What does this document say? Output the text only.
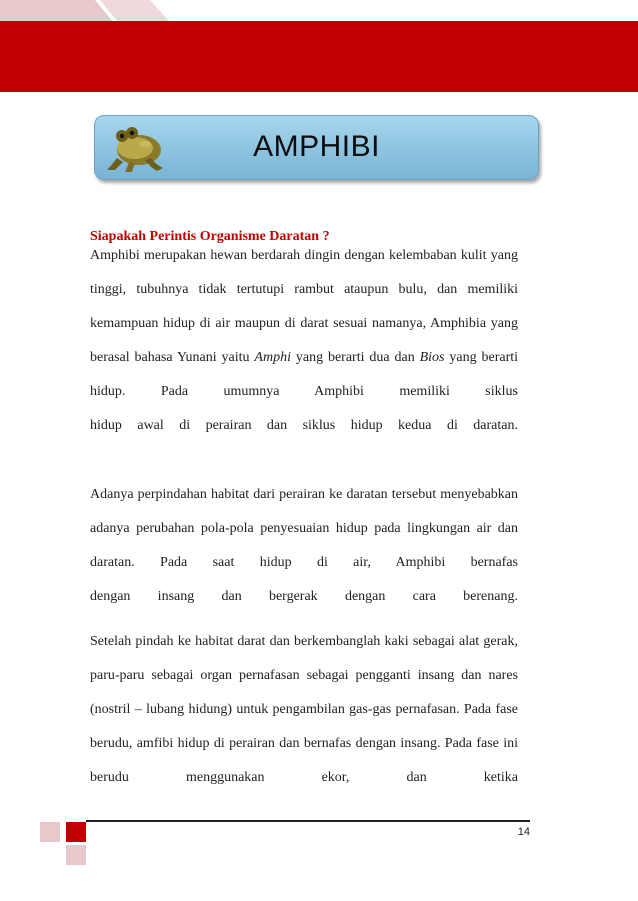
AMPHIBI

Siapakah Perintis Organisme Daratan ?

Amphibi merupakan hewan berdarah dingin dengan kelembaban kulit yang tinggi, tubuhnya tidak tertutupi rambut ataupun bulu, dan memiliki kemampuan hidup di air maupun di darat sesuai namanya, Amphibia yang berasal bahasa Yunani yaitu Amphi yang berarti dua dan Bios yang berarti hidup. Pada umumnya Amphibi memiliki siklus
hidup awal di perairan dan siklus hidup kedua di daratan.

Adanya perpindahan habitat dari perairan ke daratan tersebut menyebabkan adanya perubahan pola-pola penyesuaian hidup pada lingkungan air dan daratan. Pada saat hidup di air, Amphibi bernafas
dengan insang dan bergerak dengan cara berenang.

Setelah pindah ke habitat darat dan berkembanglah kaki sebagai alat gerak, paru-paru sebagai organ pernafasan sebagai pengganti insang dan nares (nostril – lubang hidung) untuk pengambilan gas-gas pernafasan. Pada fase berudu, amfibi hidup di perairan dan bernafas dengan insang. Pada fase ini berudu menggunakan ekor, dan ketika

14
